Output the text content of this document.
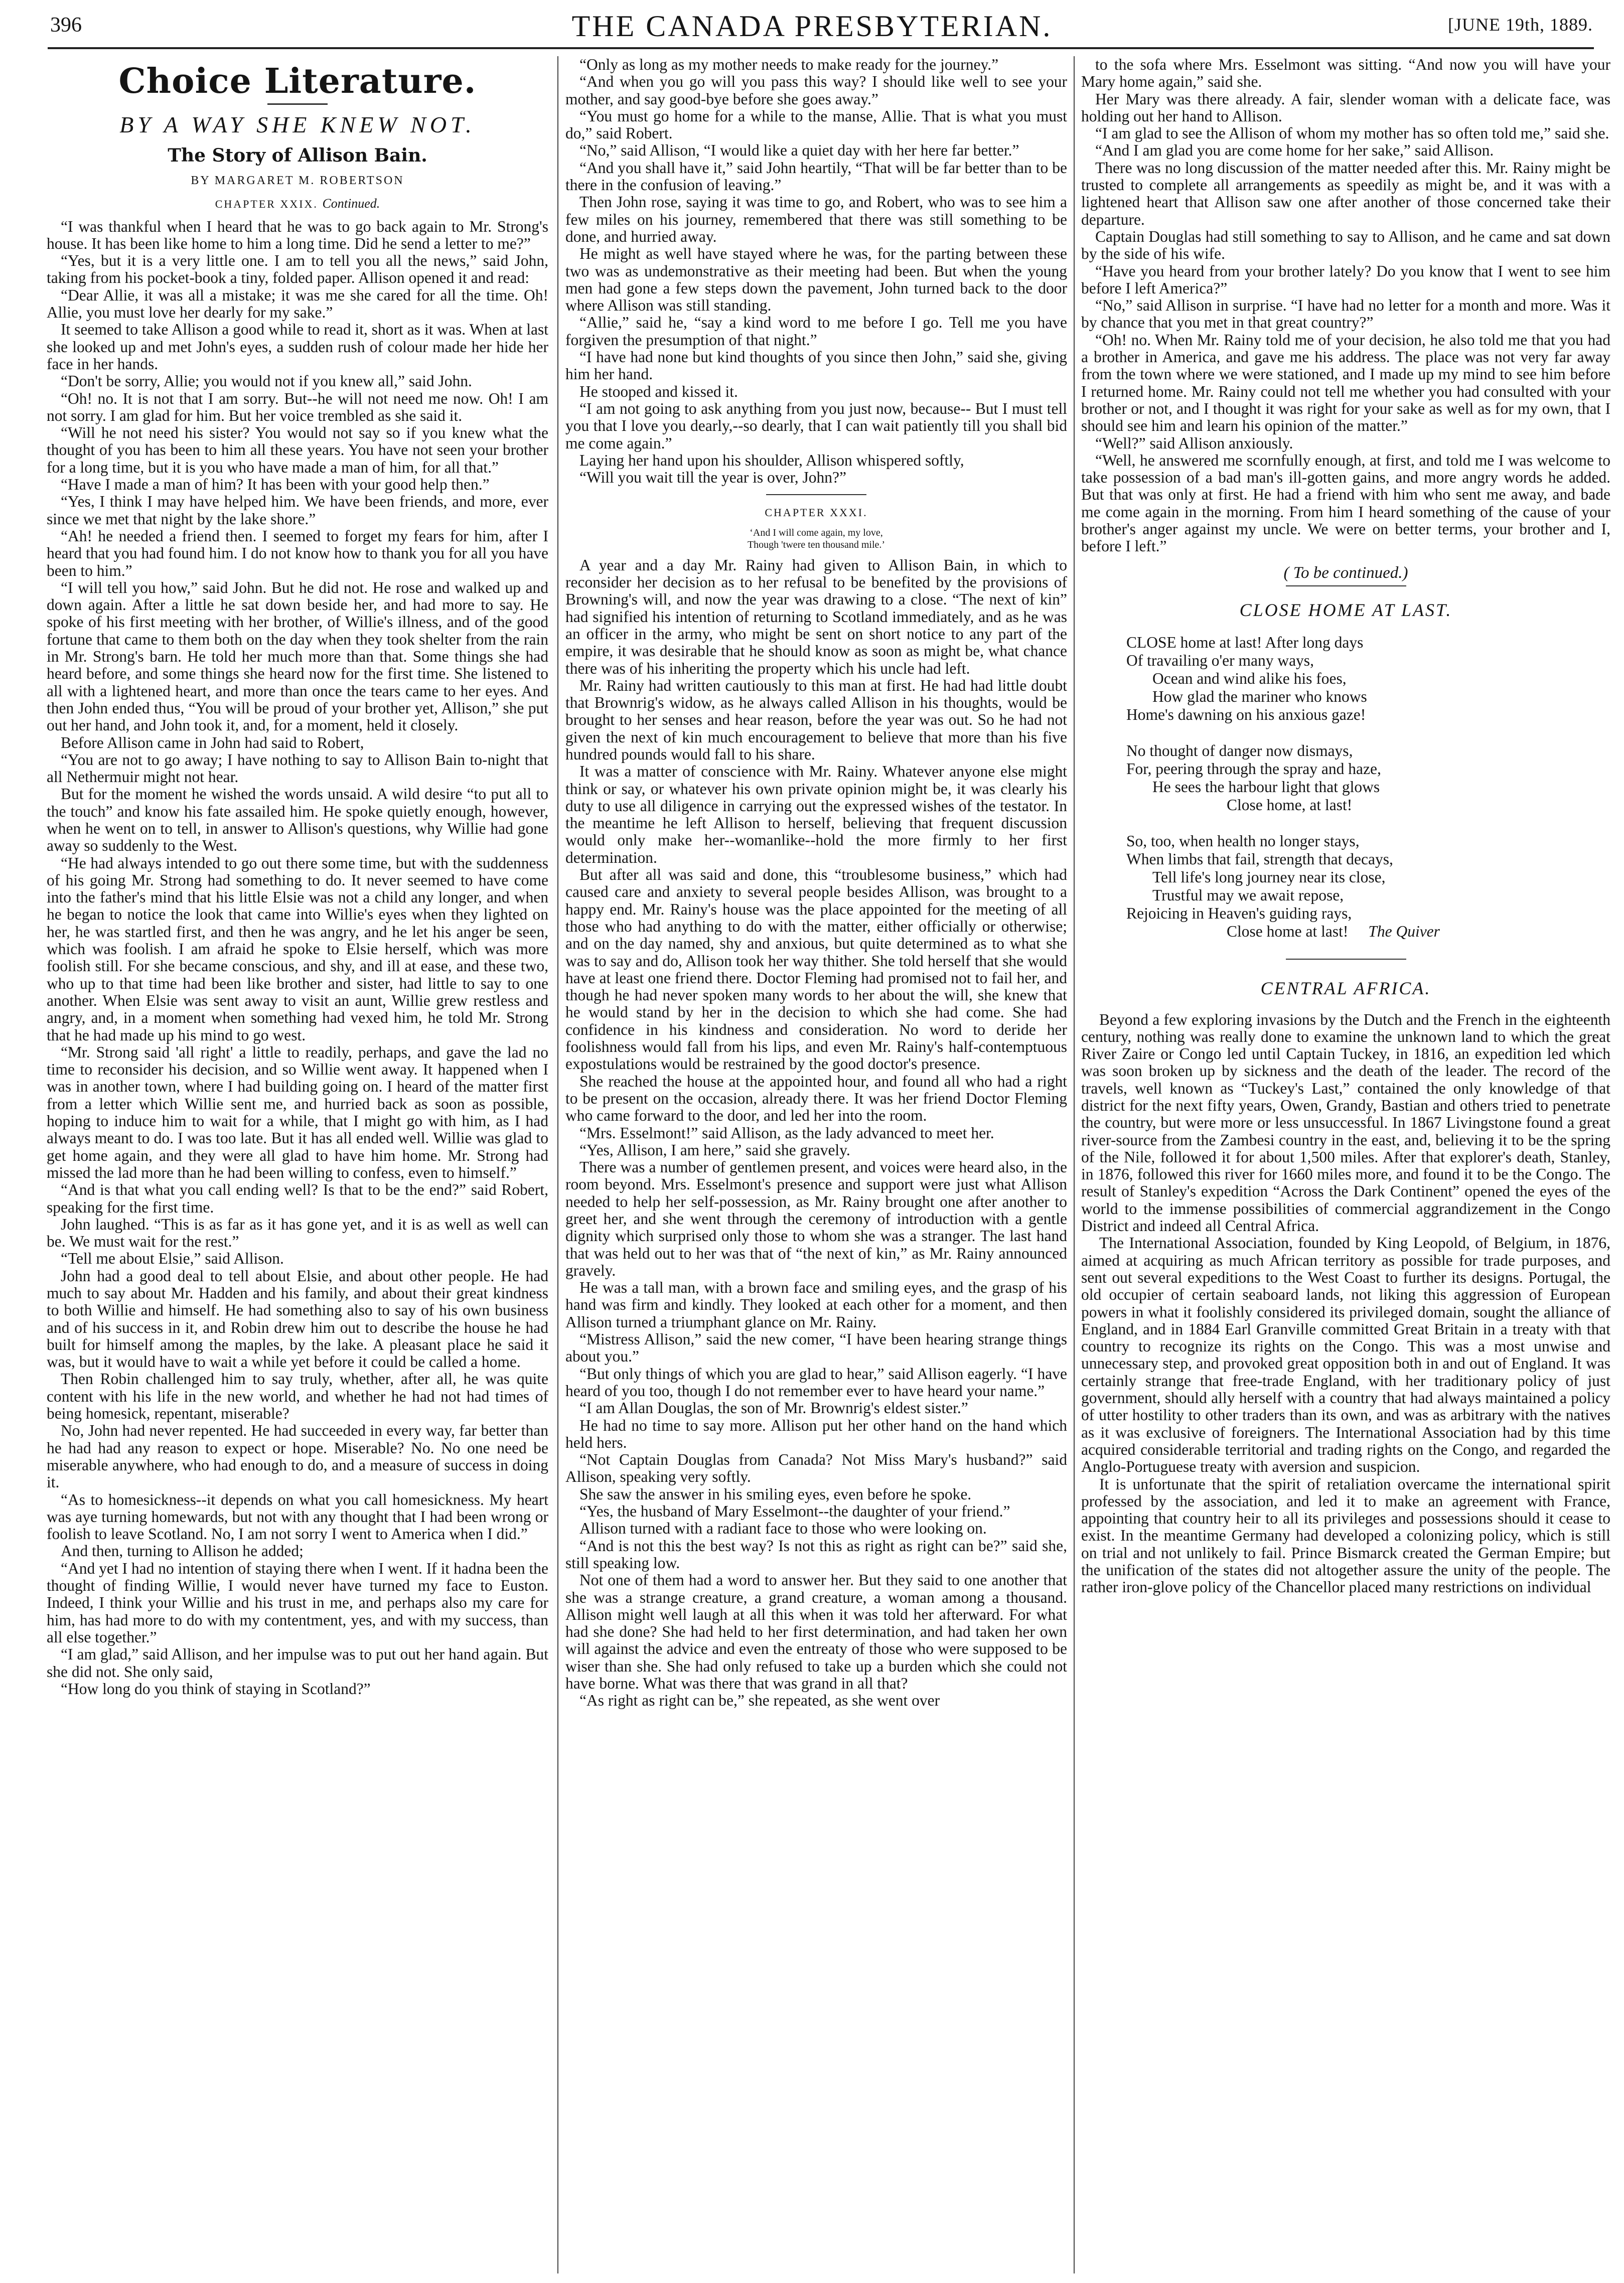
396	THE CANADA PRESBYTERIAN.	[JUNE 19th, 1889.
Choice Literature.
BY A WAY SHE KNEW NOT.
The Story of Allison Bain.
BY MARGARET M. ROBERTSON
CHAPTER XXIX. Continued.

“I was thankful when I heard that he was to go back again to Mr. Strong's house. It has been like home to him a long time. Did he send a letter to me?”

“Yes, but it is a very little one. I am to tell you all the news,” said John, taking from his pocket-book a tiny, folded paper. Allison opened it and read:

“Dear Allie, it was all a mistake; it was me she cared for all the time. Oh! Allie, you must love her dearly for my sake.”

It seemed to take Allison a good while to read it, short as it was. When at last she looked up and met John's eyes, a sudden rush of colour made her hide her face in her hands.

“Don't be sorry, Allie; you would not if you knew all,” said John.

“Oh! no. It is not that I am sorry. But--he will not need me now. Oh! I am not sorry. I am glad for him. But her voice trembled as she said it.

“Will he not need his sister? You would not say so if you knew what the thought of you has been to him all these years. You have not seen your brother for a long time, but it is you who have made a man of him, for all that.”

“Have I made a man of him? It has been with your good help then.”

“Yes, I think I may have helped him. We have been friends, and more, ever since we met that night by the lake shore.”

“Ah! he needed a friend then. I seemed to forget my fears for him, after I heard that you had found him. I do not know how to thank you for all you have been to him.”

“I will tell you how,” said John. But he did not. He rose and walked up and down again. After a little he sat down beside her, and had more to say. He spoke of his first meeting with her brother, of Willie's illness, and of the good fortune that came to them both on the day when they took shelter from the rain in Mr. Strong's barn. He told her much more than that. Some things she had heard before, and some things she heard now for the first time. She listened to all with a lightened heart, and more than once the tears came to her eyes. And then John ended thus, “You will be proud of your brother yet, Allison,” she put out her hand, and John took it, and, for a moment, held it closely.

Before Allison came in John had said to Robert,

“You are not to go away; I have nothing to say to Allison Bain to-night that all Nethermuir might not hear.

But for the moment he wished the words unsaid. A wild desire “to put all to the touch” and know his fate assailed him. He spoke quietly enough, however, when he went on to tell, in answer to Allison's questions, why Willie had gone away so suddenly to the West.

“He had always intended to go out there some time, but with the suddenness of his going Mr. Strong had something to do. It never seemed to have come into the father's mind that his little Elsie was not a child any longer, and when he began to notice the look that came into Willie's eyes when they lighted on her, he was startled first, and then he was angry, and he let his anger be seen, which was foolish. I am afraid he spoke to Elsie herself, which was more foolish still. For she became conscious, and shy, and ill at ease, and these two, who up to that time had been like brother and sister, had little to say to one another. When Elsie was sent away to visit an aunt, Willie grew restless and angry, and, in a moment when something had vexed him, he told Mr. Strong that he had made up his mind to go west.

“Mr. Strong said 'all right' a little to readily, perhaps, and gave the lad no time to reconsider his decision, and so Willie went away. It happened when I was in another town, where I had building going on. I heard of the matter first from a letter which Willie sent me, and hurried back as soon as possible, hoping to induce him to wait for a while, that I might go with him, as I had always meant to do. I was too late. But it has all ended well. Willie was glad to get home again, and they were all glad to have him home. Mr. Strong had missed the lad more than he had been willing to confess, even to himself.”

“And is that what you call ending well? Is that to be the end?” said Robert, speaking for the first time.

John laughed. “This is as far as it has gone yet, and it is as well as well can be. We must wait for the rest.”

“Tell me about Elsie,” said Allison.

John had a good deal to tell about Elsie, and about other people. He had much to say about Mr. Hadden and his family, and about their great kindness to both Willie and himself. He had something also to say of his own business and of his success in it, and Robin drew him out to describe the house he had built for himself among the maples, by the lake. A pleasant place he said it was, but it would have to wait a while yet before it could be called a home.

Then Robin challenged him to say truly, whether, after all, he was quite content with his life in the new world, and whether he had not had times of being homesick, repentant, miserable?

No, John had never repented. He had succeeded in every way, far better than he had had any reason to expect or hope. Miserable? No. No one need be miserable anywhere, who had enough to do, and a measure of success in doing it.

“As to homesickness--it depends on what you call homesickness. My heart was aye turning homewards, but not with any thought that I had been wrong or foolish to leave Scotland. No, I am not sorry I went to America when I did.”

And then, turning to Allison he added;

“And yet I had no intention of staying there when I went. If it hadna been the thought of finding Willie, I would never have turned my face to Euston. Indeed, I think your Willie and his trust in me, and perhaps also my care for him, has had more to do with my contentment, yes, and with my success, than all else together.”

“I am glad,” said Allison, and her impulse was to put out her hand again. But she did not. She only said,

“How long do you think of staying in Scotland?”

“Only as long as my mother needs to make ready for the journey.”

“And when you go will you pass this way? I should like well to see your mother, and say good-bye before she goes away.”

“You must go home for a while to the manse, Allie. That is what you must do,” said Robert.

“No,” said Allison, “I would like a quiet day with her here far better.”

“And you shall have it,” said John heartily, “That will be far better than to be there in the confusion of leaving.”

Then John rose, saying it was time to go, and Robert, who was to see him a few miles on his journey, remembered that there was still something to be done, and hurried away.

He might as well have stayed where he was, for the parting between these two was as undemonstrative as their meeting had been. But when the young men had gone a few steps down the pavement, John turned back to the door where Allison was still standing.

“Allie,” said he, “say a kind word to me before I go. Tell me you have forgiven the presumption of that night.”

“I have had none but kind thoughts of you since then John,” said she, giving him her hand.

He stooped and kissed it.

“I am not going to ask anything from you just now, because-- But I must tell you that I love you dearly,--so dearly, that I can wait patiently till you shall bid me come again.”

Laying her hand upon his shoulder, Allison whispered softly,

“Will you wait till the year is over, John?”

CHAPTER XXXI.
‘And I will come again, my love,
Though 'twere ten thousand mile.’

A year and a day Mr. Rainy had given to Allison Bain, in which to reconsider her decision as to her refusal to be benefited by the provisions of Browning's will, and now the year was drawing to a close. “The next of kin” had signified his intention of returning to Scotland immediately, and as he was an officer in the army, who might be sent on short notice to any part of the empire, it was desirable that he should know as soon as might be, what chance there was of his inheriting the property which his uncle had left.

Mr. Rainy had written cautiously to this man at first. He had had little doubt that Brownrig's widow, as he always called Allison in his thoughts, would be brought to her senses and hear reason, before the year was out. So he had not given the next of kin much encouragement to believe that more than his five hundred pounds would fall to his share.

It was a matter of conscience with Mr. Rainy. Whatever anyone else might think or say, or whatever his own private opinion might be, it was clearly his duty to use all diligence in carrying out the expressed wishes of the testator. In the meantime he left Allison to herself, believing that frequent discussion would only make her--womanlike--hold the more firmly to her first determination.

But after all was said and done, this “troublesome business,” which had caused care and anxiety to several people besides Allison, was brought to a happy end. Mr. Rainy's house was the place appointed for the meeting of all those who had anything to do with the matter, either officially or otherwise; and on the day named, shy and anxious, but quite determined as to what she was to say and do, Allison took her way thither. She told herself that she would have at least one friend there. Doctor Fleming had promised not to fail her, and though he had never spoken many words to her about the will, she knew that he would stand by her in the decision to which she had come. She had confidence in his kindness and consideration. No word to deride her foolishness would fall from his lips, and even Mr. Rainy's half-contemptuous expostulations would be restrained by the good doctor's presence.

She reached the house at the appointed hour, and found all who had a right to be present on the occasion, already there. It was her friend Doctor Fleming who came forward to the door, and led her into the room.

“Mrs. Esselmont!” said Allison, as the lady advanced to meet her.

“Yes, Allison, I am here,” said she gravely.

There was a number of gentlemen present, and voices were heard also, in the room beyond. Mrs. Esselmont's presence and support were just what Allison needed to help her self-possession, as Mr. Rainy brought one after another to greet her, and she went through the ceremony of introduction with a gentle dignity which surprised only those to whom she was a stranger. The last hand that was held out to her was that of “the next of kin,” as Mr. Rainy announced gravely.

He was a tall man, with a brown face and smiling eyes, and the grasp of his hand was firm and kindly. They looked at each other for a moment, and then Allison turned a triumphant glance on Mr. Rainy.

“Mistress Allison,” said the new comer, “I have been hearing strange things about you.”

“But only things of which you are glad to hear,” said Allison eagerly. “I have heard of you too, though I do not remember ever to have heard your name.”

“I am Allan Douglas, the son of Mr. Brownrig's eldest sister.”

He had no time to say more. Allison put her other hand on the hand which held hers.

“Not Captain Douglas from Canada? Not Miss Mary's husband?” said Allison, speaking very softly.

She saw the answer in his smiling eyes, even before he spoke.

“Yes, the husband of Mary Esselmont--the daughter of your friend.”

Allison turned with a radiant face to those who were looking on.

“And is not this the best way? Is not this as right as right can be?” said she, still speaking low.

Not one of them had a word to answer her. But they said to one another that she was a strange creature, a grand creature, a woman among a thousand. Allison might well laugh at all this when it was told her afterward. For what had she done? She had held to her first determination, and had taken her own will against the advice and even the entreaty of those who were supposed to be wiser than she. She had only refused to take up a burden which she could not have borne. What was there that was grand in all that?

“As right as right can be,” she repeated, as she went over

to the sofa where Mrs. Esselmont was sitting. “And now you will have your Mary home again,” said she.

Her Mary was there already. A fair, slender woman with a delicate face, was holding out her hand to Allison.

“I am glad to see the Allison of whom my mother has so often told me,” said she.

“And I am glad you are come home for her sake,” said Allison.

There was no long discussion of the matter needed after this. Mr. Rainy might be trusted to complete all arrangements as speedily as might be, and it was with a lightened heart that Allison saw one after another of those concerned take their departure.

Captain Douglas had still something to say to Allison, and he came and sat down by the side of his wife.

“Have you heard from your brother lately? Do you know that I went to see him before I left America?”

“No,” said Allison in surprise. “I have had no letter for a month and more. Was it by chance that you met in that great country?”

“Oh! no. When Mr. Rainy told me of your decision, he also told me that you had a brother in America, and gave me his address. The place was not very far away from the town where we were stationed, and I made up my mind to see him before I returned home. Mr. Rainy could not tell me whether you had consulted with your brother or not, and I thought it was right for your sake as well as for my own, that I should see him and learn his opinion of the matter.”

“Well?” said Allison anxiously.

“Well, he answered me scornfully enough, at first, and told me I was welcome to take possession of a bad man's ill-gotten gains, and more angry words he added. But that was only at first. He had a friend with him who sent me away, and bade me come again in the morning. From him I heard something of the cause of your brother's anger against my uncle. We were on better terms, your brother and I, before I left.”

( To be continued.)
CLOSE HOME AT LAST.
CLOSE home at last! After long days
Of travailing o'er many ways,
Ocean and wind alike his foes,
How glad the mariner who knows
Home's dawning on his anxious gaze!
No thought of danger now dismays,
For, peering through the spray and haze,
He sees the harbour light that glows
Close home, at last!
So, too, when health no longer stays,
When limbs that fail, strength that decays,
Tell life's long journey near its close,
Trustful may we await repose,
Rejoicing in Heaven's guiding rays,
Close home at last! The Quiver
CENTRAL AFRICA.

Beyond a few exploring invasions by the Dutch and the French in the eighteenth century, nothing was really done to examine the unknown land to which the great River Zaire or Congo led until Captain Tuckey, in 1816, an expedition led which was soon broken up by sickness and the death of the leader. The record of the travels, well known as “Tuckey's Last,” contained the only knowledge of that district for the next fifty years, Owen, Grandy, Bastian and others tried to penetrate the country, but were more or less unsuccessful. In 1867 Livingstone found a great river-source from the Zambesi country in the east, and, believing it to be the spring of the Nile, followed it for about 1,500 miles. After that explorer's death, Stanley, in 1876, followed this river for 1660 miles more, and found it to be the Congo. The result of Stanley's expedition “Across the Dark Continent” opened the eyes of the world to the immense possibilities of commercial aggrandizement in the Congo District and indeed all Central Africa.

The International Association, founded by King Leopold, of Belgium, in 1876, aimed at acquiring as much African territory as possible for trade purposes, and sent out several expeditions to the West Coast to further its designs. Portugal, the old occupier of certain seaboard lands, not liking this aggression of European powers in what it foolishly considered its privileged domain, sought the alliance of England, and in 1884 Earl Granville committed Great Britain in a treaty with that country to recognize its rights on the Congo. This was a most unwise and unnecessary step, and provoked great opposition both in and out of England. It was certainly strange that free-trade England, with her traditionary policy of just government, should ally herself with a country that had always maintained a policy of utter hostility to other traders than its own, and was as arbitrary with the natives as it was exclusive of foreigners. The International Association had by this time acquired considerable territorial and trading rights on the Congo, and regarded the Anglo-Portuguese treaty with aversion and suspicion.

It is unfortunate that the spirit of retaliation overcame the international spirit professed by the association, and led it to make an agreement with France, appointing that country heir to all its privileges and possessions should it cease to exist. In the meantime Germany had developed a colonizing policy, which is still on trial and not unlikely to fail. Prince Bismarck created the German Empire; but the unification of the states did not altogether assure the unity of the people. The rather iron-glove policy of the Chancellor placed many restrictions on individual
